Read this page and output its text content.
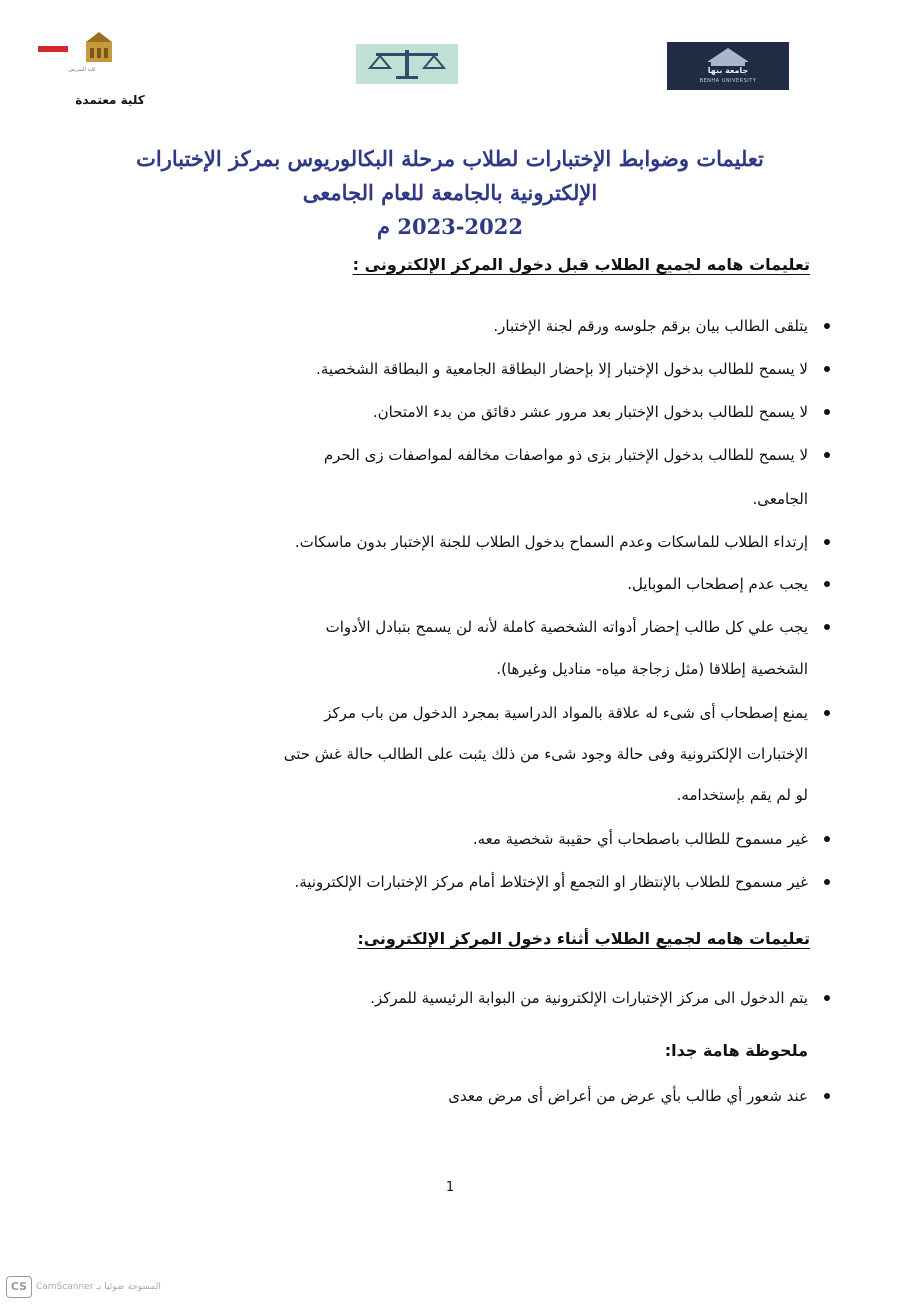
كلية التمريض
كلية معتمدة
جامعة بنها
BENHA UNIVERSITY
تعليمات وضوابط الإختبارات لطلاب مرحلة البكالوريوس بمركز الإختبارات
الإلكترونية بالجامعة للعام الجامعى
2023-2022 م
تعليمات هامه لجميع الطلاب قبل دخول المركز الإلكترونى :
يتلقى الطالب بيان برقم جلوسه ورقم لجنة الإختبار.
لا يسمح للطالب بدخول الإختبار إلا بإحضار البطاقة الجامعية و البطاقة الشخصية.
لا يسمح للطالب بدخول الإختبار بعد مرور عشر دقائق من بدء الامتحان.
لا يسمح للطالب بدخول الإختبار بزى ذو مواصفات مخالفه لمواصفات زى الحرم
الجامعى.
إرتداء الطلاب للماسكات وعدم السماح بدخول الطلاب للجنة الإختبار بدون ماسكات.
يجب عدم إصطحاب الموبايل.
يجب علي كل طالب إحضار أدواته الشخصية كاملة لأنه لن يسمح بتبادل الأدوات
الشخصية إطلاقا (مثل زجاجة مياه- مناديل وغيرها).
يمنع إصطحاب أى شىء له علاقة بالمواد الدراسية بمجرد الدخول من باب مركز
الإختبارات الإلكترونية وفى حالة وجود شىء من ذلك يثبت على الطالب حالة غش حتى
لو لم يقم بإستخدامه.
غير مسموح للطالب باصطحاب أي حقيبة شخصية معه.
غير مسموح للطلاب بالإنتظار او التجمع أو الإختلاط أمام مركز الإختبارات الإلكترونية.
تعليمات هامه لجميع الطلاب أثناء دخول المركز الإلكترونى:
يتم الدخول الى مركز الإختبارات الإلكترونية من البوابة الرئيسية للمركز.
ملحوظة هامة جدا:
عند شعور أي طالب بأي عرض من أعراض أى مرض معدى
1
CS CamScanner المسوحة ضوئيا بـ
